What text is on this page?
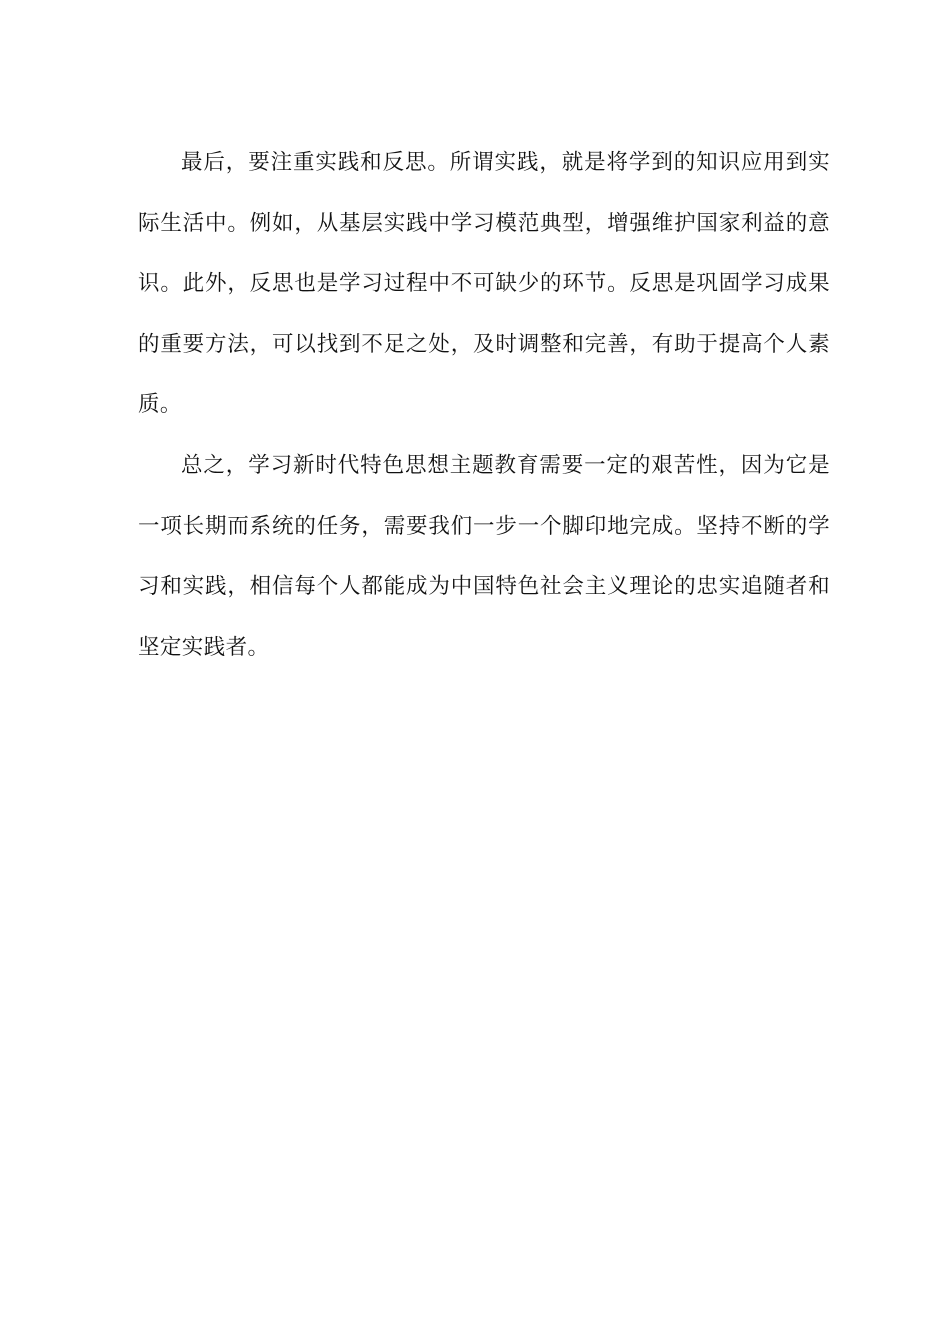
最后，要注重实践和反思。所谓实践，就是将学到的知识应用到实际生活中。例如，从基层实践中学习模范典型，增强维护国家利益的意识。此外，反思也是学习过程中不可缺少的环节。反思是巩固学习成果的重要方法，可以找到不足之处，及时调整和完善，有助于提高个人素质。

总之，学习新时代特色思想主题教育需要一定的艰苦性，因为它是一项长期而系统的任务，需要我们一步一个脚印地完成。坚持不断的学习和实践，相信每个人都能成为中国特色社会主义理论的忠实追随者和坚定实践者。
